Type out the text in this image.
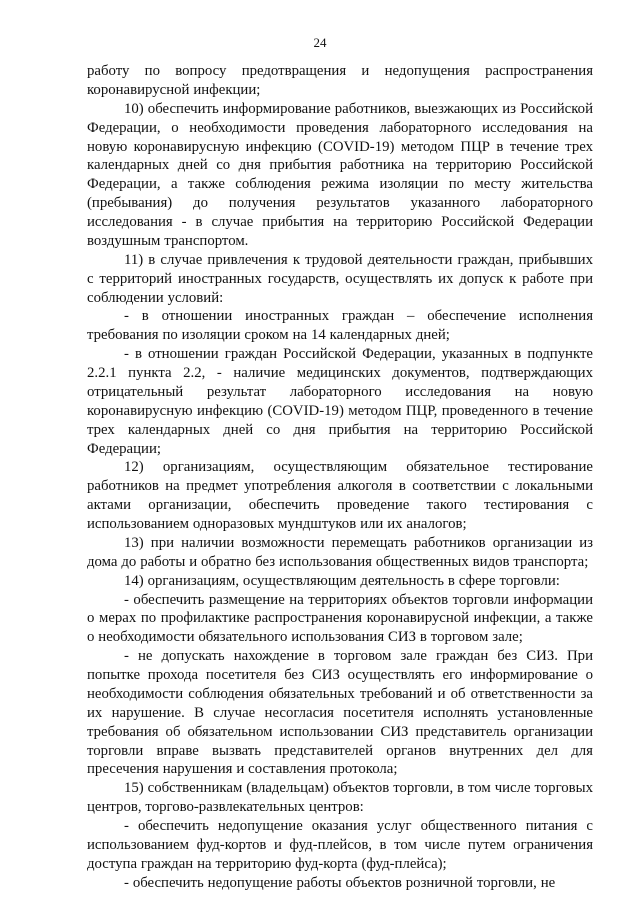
24

работу по вопросу предотвращения и недопущения распространения коронавирусной инфекции;

10) обеспечить информирование работников, выезжающих из Российской Федерации, о необходимости проведения лабораторного исследования на новую коронавирусную инфекцию (COVID-19) методом ПЦР в течение трех календарных дней со дня прибытия работника на территорию Российской Федерации, а также соблюдения режима изоляции по месту жительства (пребывания) до получения результатов указанного лабораторного исследования - в случае прибытия на территорию Российской Федерации воздушным транспортом.

11) в случае привлечения к трудовой деятельности граждан, прибывших с территорий иностранных государств, осуществлять их допуск к работе при соблюдении условий:

- в отношении иностранных граждан – обеспечение исполнения требования по изоляции сроком на 14 календарных дней;

- в отношении граждан Российской Федерации, указанных в подпункте 2.2.1 пункта 2.2, - наличие медицинских документов, подтверждающих отрицательный результат лабораторного исследования на новую коронавирусную инфекцию (COVID-19) методом ПЦР, проведенного в течение трех календарных дней со дня прибытия на территорию Российской Федерации;

12) организациям, осуществляющим обязательное тестирование работников на предмет употребления алкоголя в соответствии с локальными актами организации, обеспечить проведение такого тестирования с использованием одноразовых мундштуков или их аналогов;

13) при наличии возможности перемещать работников организации из дома до работы и обратно без использования общественных видов транспорта;

14) организациям, осуществляющим деятельность в сфере торговли:

- обеспечить размещение на территориях объектов торговли информации о мерах по профилактике распространения коронавирусной инфекции, а также о необходимости обязательного использования СИЗ в торговом зале;

- не допускать нахождение в торговом зале граждан без СИЗ. При попытке прохода посетителя без СИЗ осуществлять его информирование о необходимости соблюдения обязательных требований и об ответственности за их нарушение. В случае несогласия посетителя исполнять установленные требования об обязательном использовании СИЗ представитель организации торговли вправе вызвать представителей органов внутренних дел для пресечения нарушения и составления протокола;

15) собственникам (владельцам) объектов торговли, в том числе торговых центров, торгово-развлекательных центров:

- обеспечить недопущение оказания услуг общественного питания с использованием фуд-кортов и фуд-плейсов, в том числе путем ограничения доступа граждан на территорию фуд-корта (фуд-плейса);

- обеспечить недопущение работы объектов розничной торговли, не
